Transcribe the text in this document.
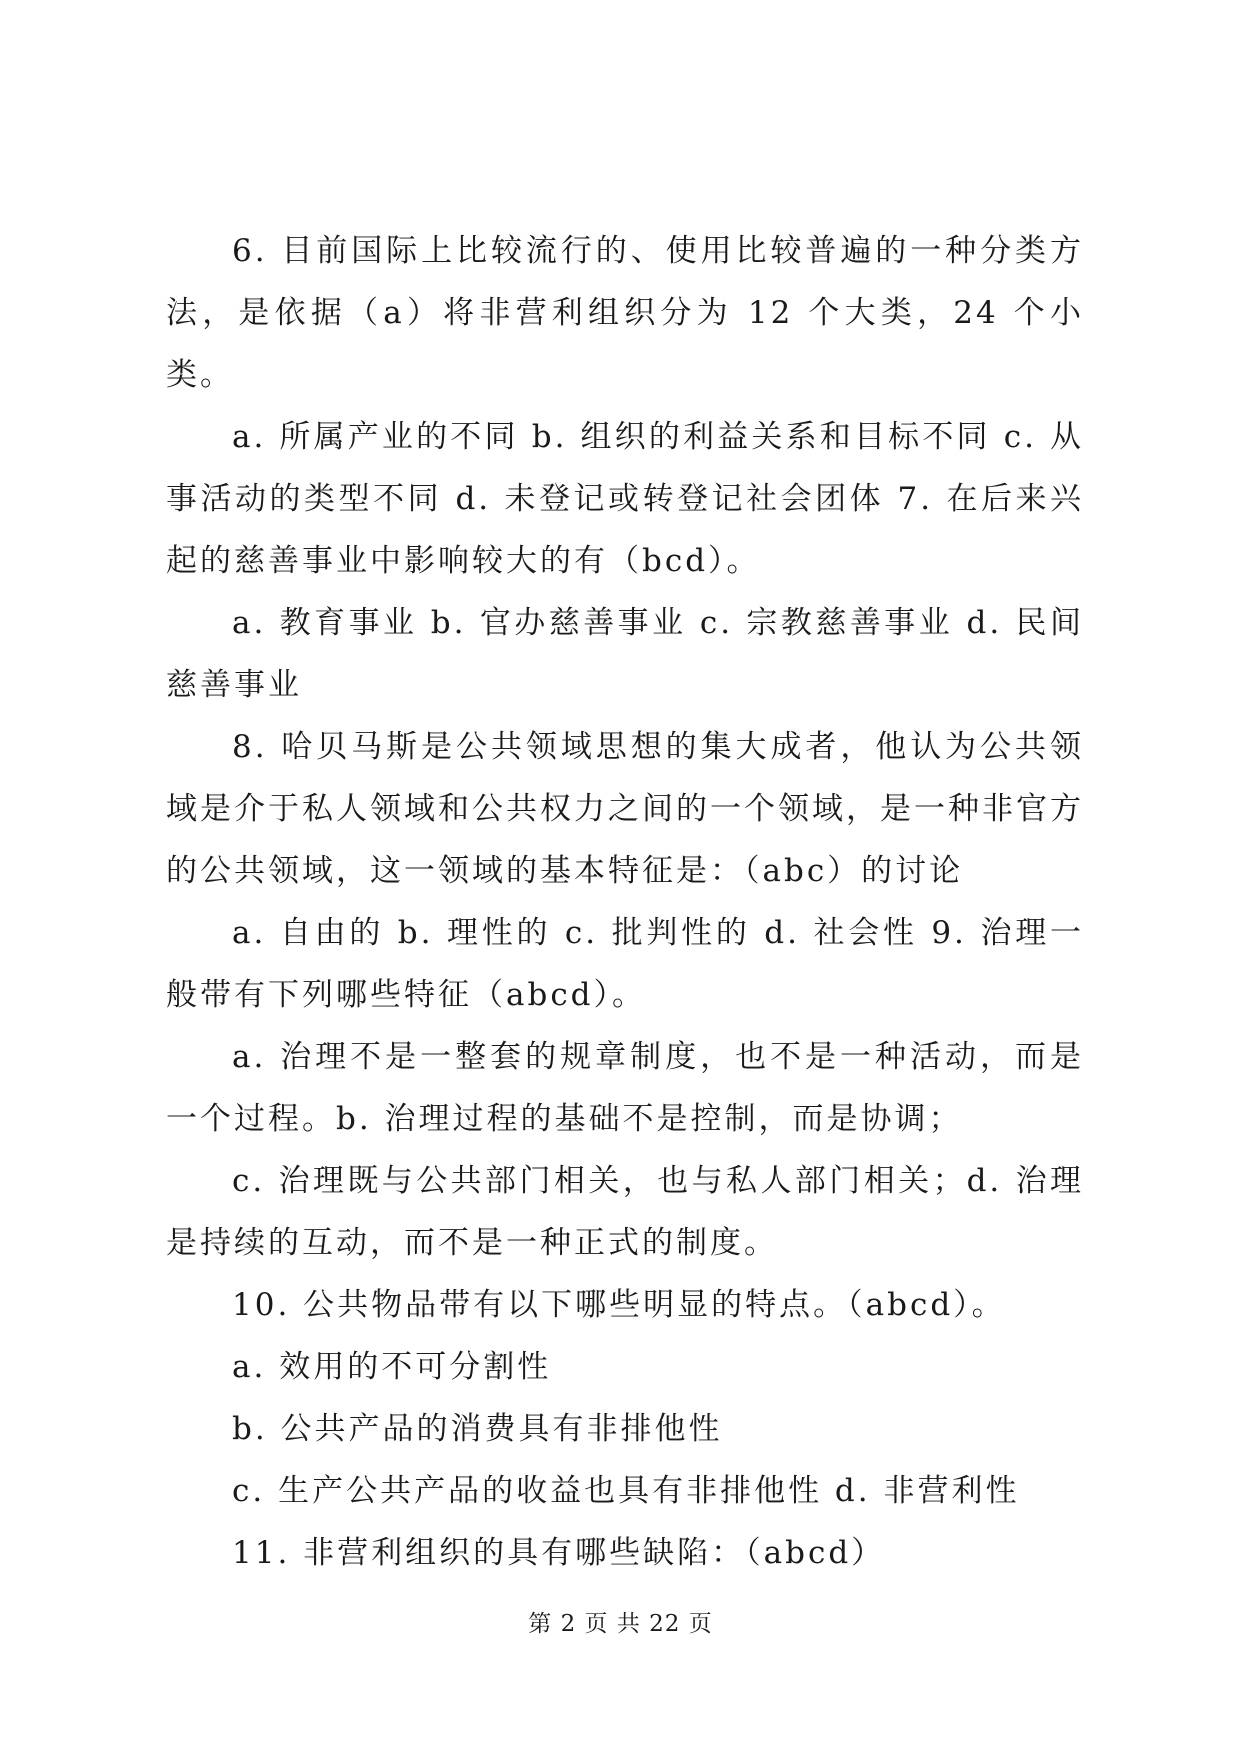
6. 目前国际上比较流行的、使用比较普遍的一种分类方法，是依据（a）将非营利组织分为 12 个大类，24 个小类。

a. 所属产业的不同 b. 组织的利益关系和目标不同 c. 从事活动的类型不同 d. 未登记或转登记社会团体 7. 在后来兴起的慈善事业中影响较大的有（bcd）。

a. 教育事业 b. 官办慈善事业 c. 宗教慈善事业 d. 民间慈善事业

8. 哈贝马斯是公共领域思想的集大成者，他认为公共领域是介于私人领域和公共权力之间的一个领域，是一种非官方的公共领域，这一领域的基本特征是：（abc）的讨论

a. 自由的 b. 理性的 c. 批判性的 d. 社会性 9. 治理一般带有下列哪些特征（abcd）。

a. 治理不是一整套的规章制度，也不是一种活动，而是一个过程。b. 治理过程的基础不是控制，而是协调；

c. 治理既与公共部门相关，也与私人部门相关；d. 治理是持续的互动，而不是一种正式的制度。

10. 公共物品带有以下哪些明显的特点。（abcd）。

a. 效用的不可分割性

b. 公共产品的消费具有非排他性

c. 生产公共产品的收益也具有非排他性 d. 非营利性

11. 非营利组织的具有哪些缺陷：（abcd）

第 2 页 共 22 页
